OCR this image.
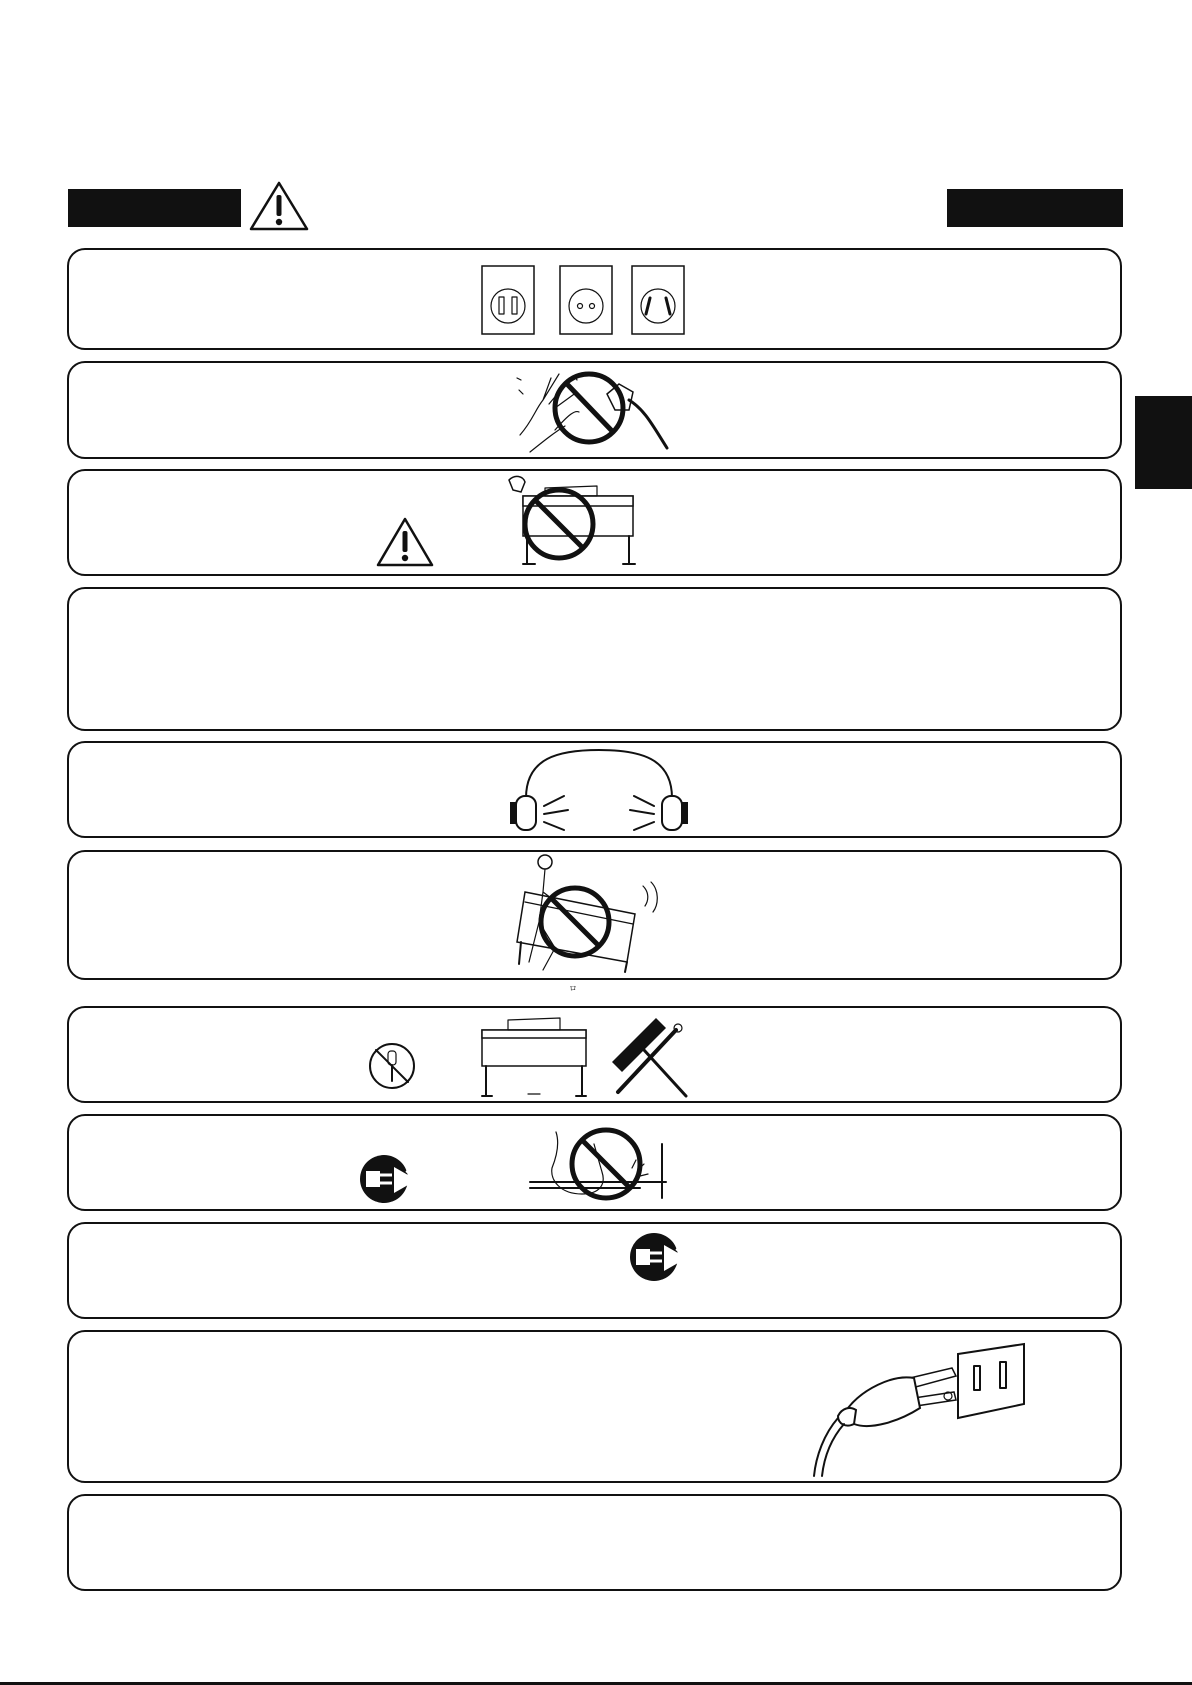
ロ
